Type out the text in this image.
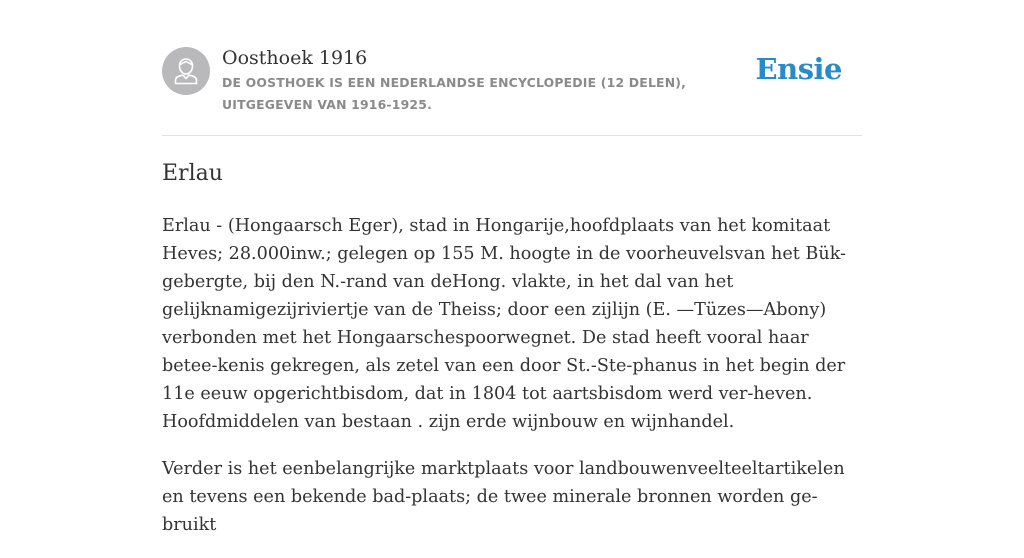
Oosthoek 1916
DE OOSTHOEK IS EEN NEDERLANDSE ENCYCLOPEDIE (12 DELEN), UITGEGEVEN VAN 1916-1925.
Ensie
Erlau

Erlau - (Hongaarsch Eger), stad in Hongarije,hoofdplaats van het komitaat Heves; 28.000inw.; gelegen op 155 M. hoogte in de voorheuvelsvan het Bük-gebergte, bij den N.-rand van deHong. vlakte, in het dal van het gelijknamigezijriviertje van de Theiss; door een zijlijn (E. —Tüzes—Abony) verbonden met het Hongaarschespoorwegnet. De stad heeft vooral haar betee-kenis gekregen, als zetel van een door St.-Ste-phanus in het begin der 11e eeuw opgerichtbisdom, dat in 1804 tot aartsbisdom werd ver-heven. Hoofdmiddelen van bestaan . zijn erde wijnbouw en wijnhandel.

Verder is het eenbelangrijke marktplaats voor landbouwenveelteeltartikelen en tevens een bekende bad-plaats; de twee minerale bronnen worden ge-bruikt
